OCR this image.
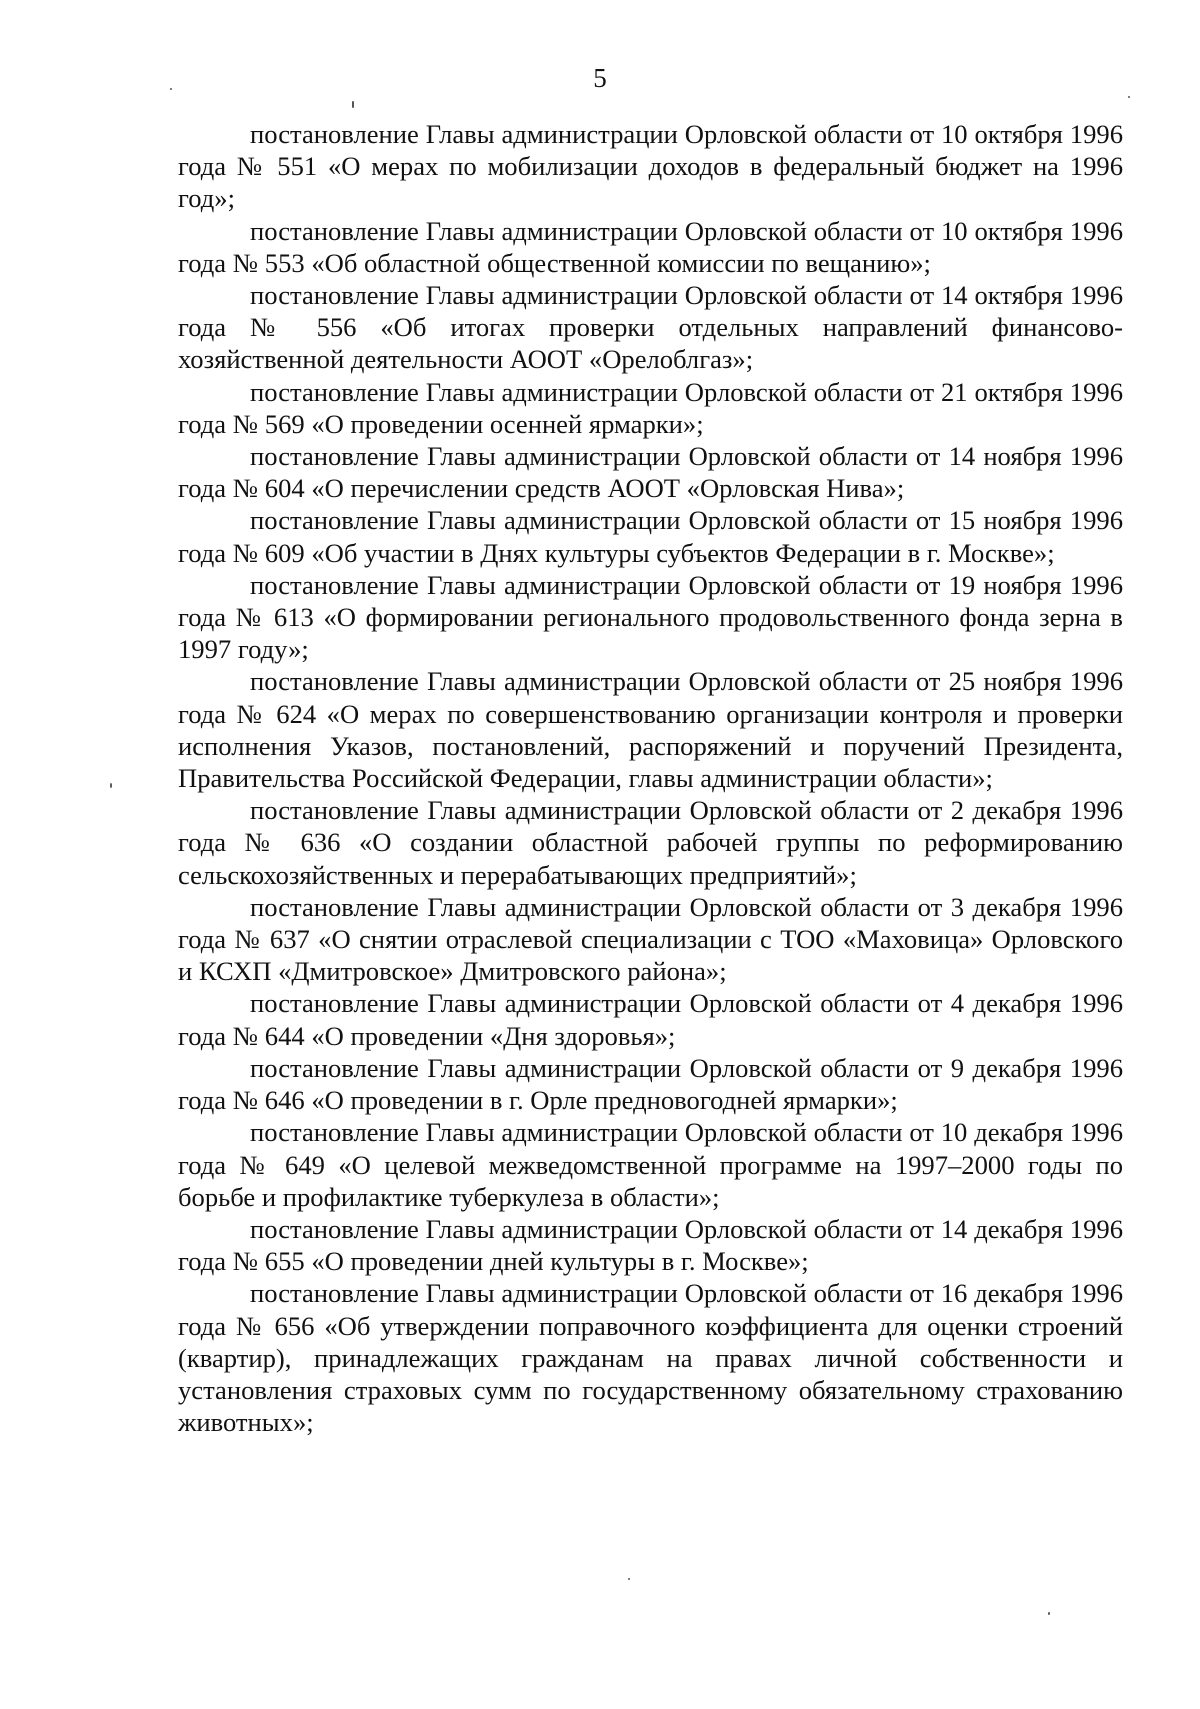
5

постановление Главы администрации Орловской области от 10 октября 1996 года № 551 «О мерах по мобилизации доходов в федеральный бюджет на 1996 год»;

постановление Главы администрации Орловской области от 10 октября 1996 года № 553 «Об областной общественной комиссии по вещанию»;

постановление Главы администрации Орловской области от 14 октября 1996 года № 556 «Об итогах проверки отдельных направлений финансово-хозяйственной деятельности АООТ «Орелоблгаз»;

постановление Главы администрации Орловской области от 21 октября 1996 года № 569 «О проведении осенней ярмарки»;

постановление Главы администрации Орловской области от 14 ноября 1996 года № 604 «О перечислении средств АООТ «Орловская Нива»;

постановление Главы администрации Орловской области от 15 ноября 1996 года № 609 «Об участии в Днях культуры субъектов Федерации в г. Москве»;

постановление Главы администрации Орловской области от 19 ноября 1996 года № 613 «О формировании регионального продовольственного фонда зерна в 1997 году»;

постановление Главы администрации Орловской области от 25 ноября 1996 года № 624 «О мерах по совершенствованию организации контроля и проверки исполнения Указов, постановлений, распоряжений и поручений Президента, Правительства Российской Федерации, главы администрации области»;

постановление Главы администрации Орловской области от 2 декабря 1996 года № 636 «О создании областной рабочей группы по реформированию сельскохозяйственных и перерабатывающих предприятий»;

постановление Главы администрации Орловской области от 3 декабря 1996 года № 637 «О снятии отраслевой специализации с ТОО «Маховица» Орловского и КСХП «Дмитровское» Дмитровского района»;

постановление Главы администрации Орловской области от 4 декабря 1996 года № 644 «О проведении «Дня здоровья»;

постановление Главы администрации Орловской области от 9 декабря 1996 года № 646 «О проведении в г. Орле предновогодней ярмарки»;

постановление Главы администрации Орловской области от 10 декабря 1996 года № 649 «О целевой межведомственной программе на 1997–2000 годы по борьбе и профилактике туберкулеза в области»;

постановление Главы администрации Орловской области от 14 декабря 1996 года № 655 «О проведении дней культуры в г. Москве»;

постановление Главы администрации Орловской области от 16 декабря 1996 года № 656 «Об утверждении поправочного коэффициента для оценки строений (квартир), принадлежащих гражданам на правах личной собственности и установления страховых сумм по государственному обязательному страхованию животных»;
